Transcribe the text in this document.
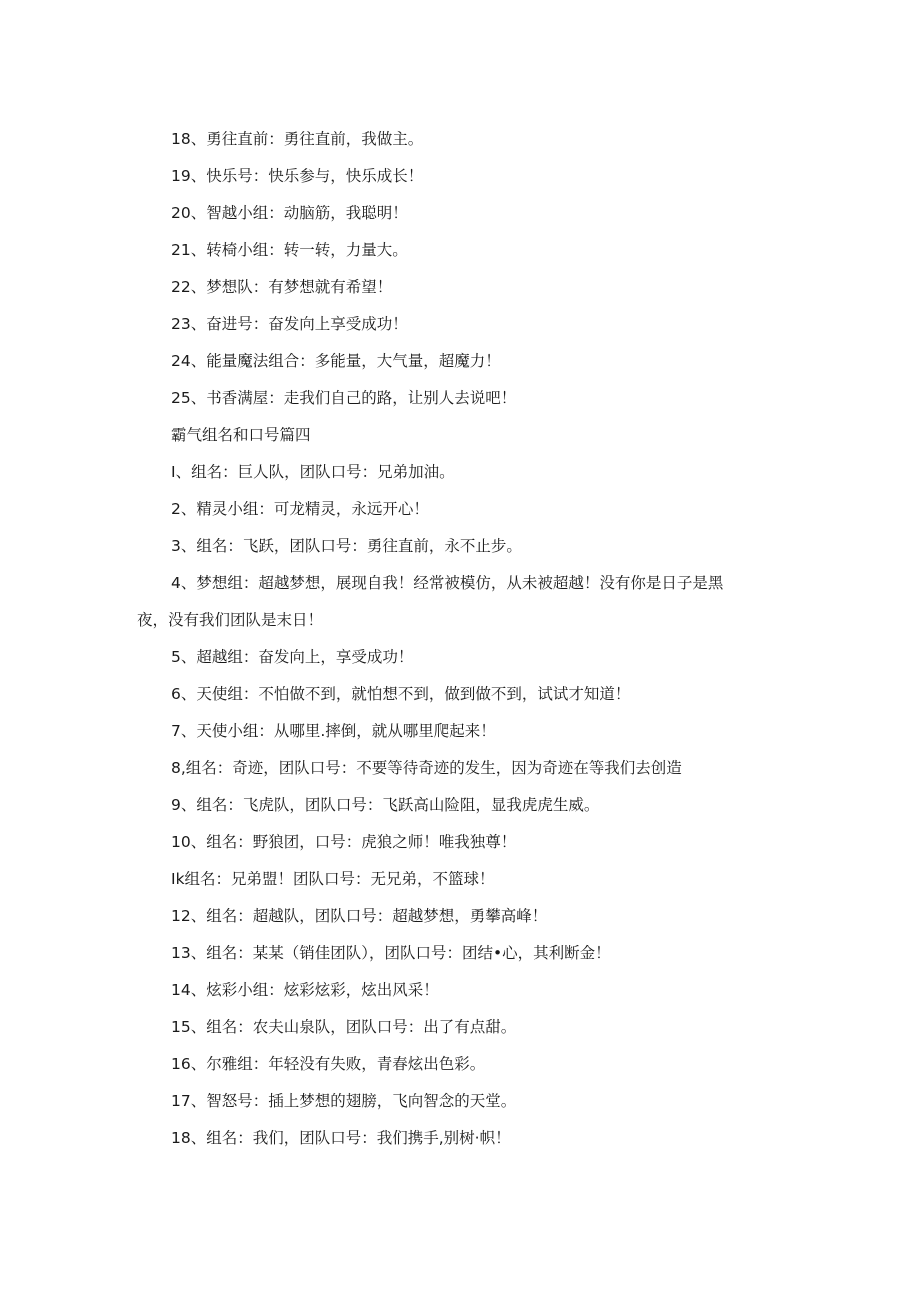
18、勇往直前：勇往直前，我做主。

19、快乐号：快乐参与，快乐成长！

20、智越小组：动脑筋，我聪明！

21、转椅小组：转一转，力量大。

22、梦想队：有梦想就有希望！

23、奋进号：奋发向上享受成功！

24、能量魔法组合：多能量，大气量，超魔力！

25、书香满屋：走我们自己的路，让别人去说吧！

霸气组名和口号篇四

I、组名：巨人队，团队口号：兄弟加油。

2、精灵小组：可龙精灵，永远开心！

3、组名：飞跃，团队口号：勇往直前，永不止步。

4、梦想组：超越梦想，展现自我！经常被模仿，从未被超越！没有你是日子是黑

夜，没有我们团队是末日！

5、超越组：奋发向上，享受成功！

6、天使组：不怕做不到，就怕想不到，做到做不到，试试才知道！

7、天使小组：从哪里.摔倒，就从哪里爬起来！

8,组名：奇迹，团队口号：不要等待奇迹的发生，因为奇迹在等我们去创造

9、组名：飞虎队，团队口号：飞跃高山险阻，显我虎虎生威。

10、组名：野狼团，口号：虎狼之师！唯我独尊！

Ik组名：兄弟盟！团队口号：无兄弟，不篮球！

12、组名：超越队，团队口号：超越梦想，勇攀高峰！

13、组名：某某（销佳团队），团队口号：团结•心，其利断金！

14、炫彩小组：炫彩炫彩，炫出风采！

15、组名：农夫山泉队，团队口号：出了有点甜。

16、尔雅组：年轻没有失败，青春炫出色彩。

17、智怒号：插上梦想的翅膀，飞向智念的天堂。

18、组名：我们，团队口号：我们携手,别树·帜！
